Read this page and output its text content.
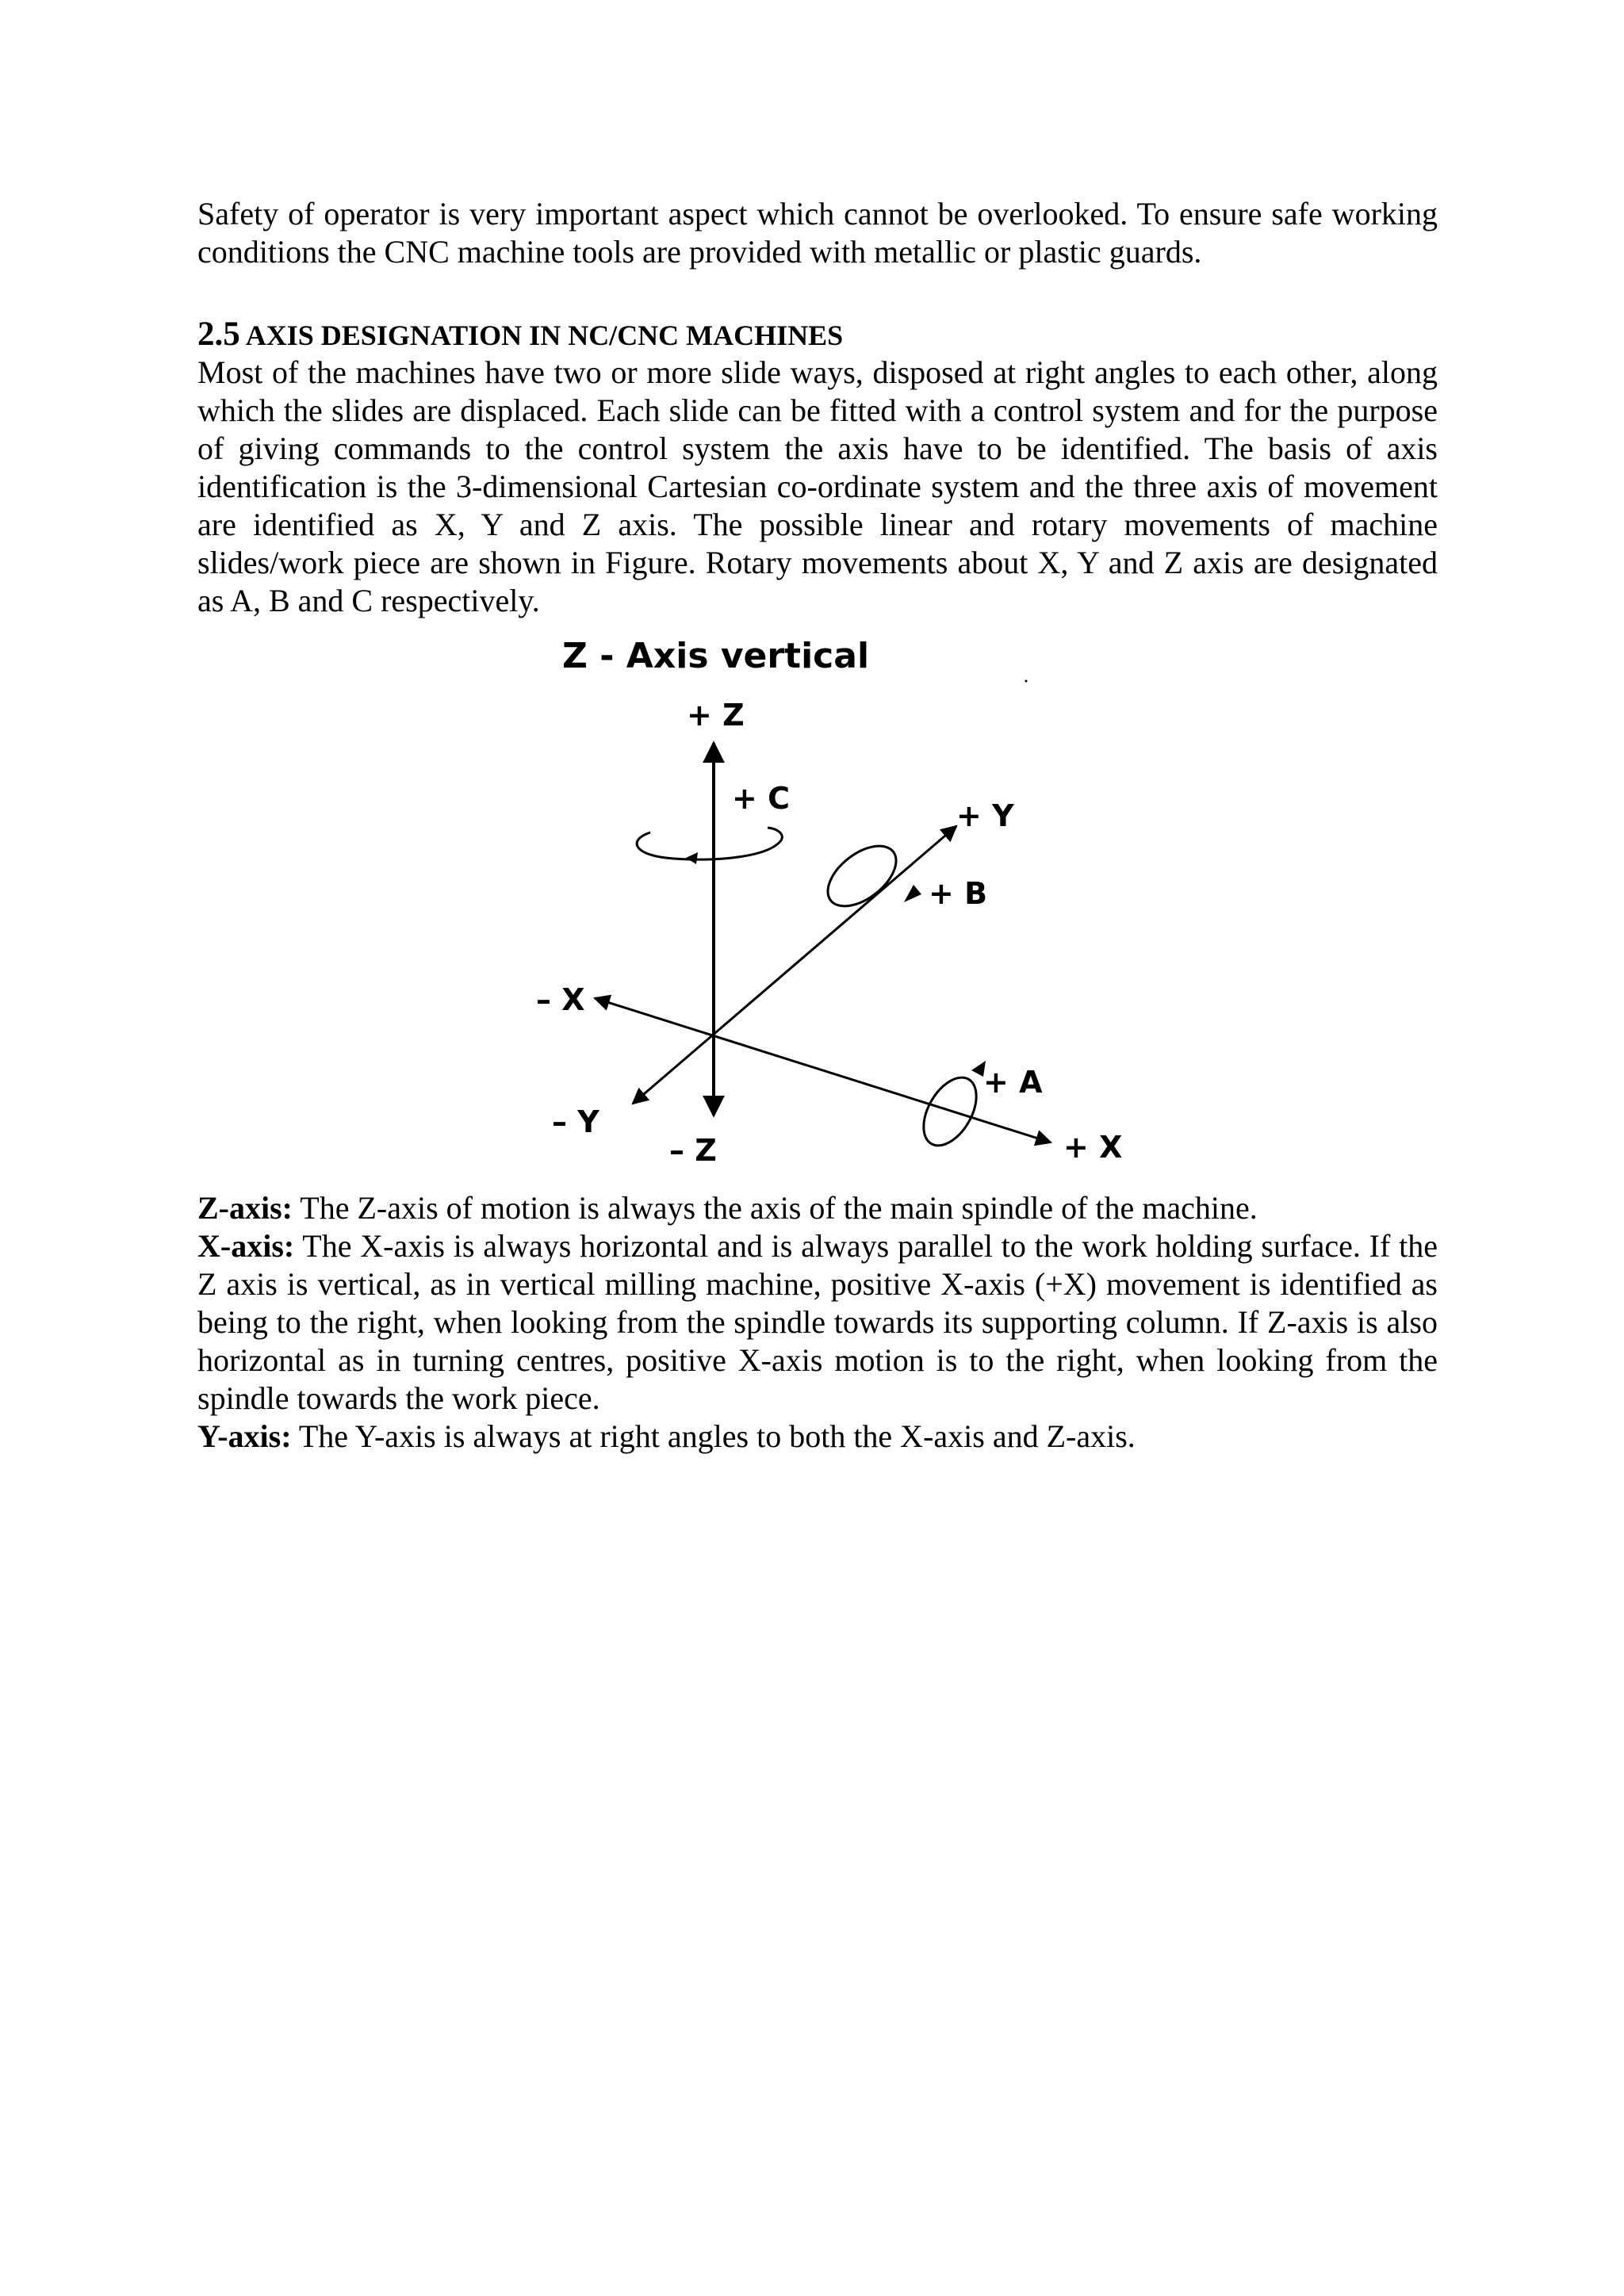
Safety of operator is very important aspect which cannot be overlooked. To ensure safe working conditions the CNC machine tools are provided with metallic or plastic guards.

2.5 AXIS DESIGNATION IN NC/CNC MACHINES

Most of the machines have two or more slide ways, disposed at right angles to each other, along which the slides are displaced. Each slide can be fitted with a control system and for the purpose of giving commands to the control system the axis have to be identified. The basis of axis identification is the 3-dimensional Cartesian co-ordinate system and the three axis of movement are identified as X, Y and Z axis. The possible linear and rotary movements of machine slides/work piece are shown in Figure. Rotary movements about X, Y and Z axis are designated as A, B and C respectively.

Z - Axis vertical
+ Z
+ C	+ Y
+ B
– X
+ A
– Y
– Z	+ X

Z-axis: The Z-axis of motion is always the axis of the main spindle of the machine.

X-axis: The X-axis is always horizontal and is always parallel to the work holding surface. If the Z axis is vertical, as in vertical milling machine, positive X-axis (+X) movement is identified as being to the right, when looking from the spindle towards its supporting column. If Z-axis is also horizontal as in turning centres, positive X-axis motion is to the right, when looking from the spindle towards the work piece.

Y-axis: The Y-axis is always at right angles to both the X-axis and Z-axis.
